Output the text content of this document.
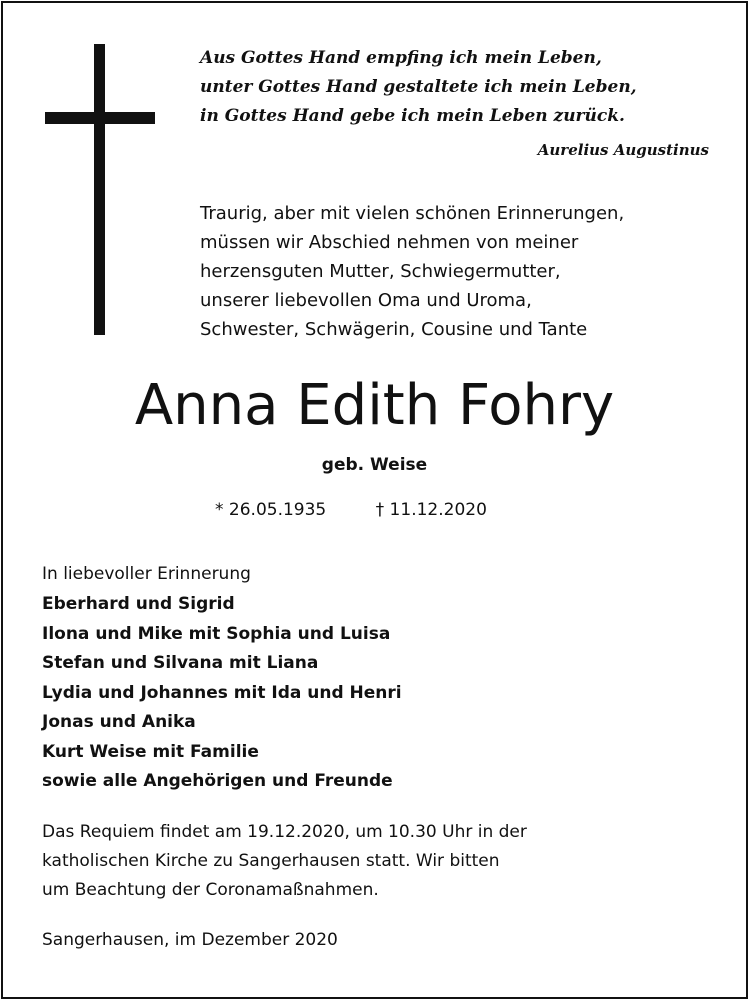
Aus Gottes Hand empfing ich mein Leben,
unter Gottes Hand gestaltete ich mein Leben,
in Gottes Hand gebe ich mein Leben zurück.
Aurelius Augustinus
Traurig, aber mit vielen schönen Erinnerungen,
müssen wir Abschied nehmen von meiner
herzensguten Mutter, Schwiegermutter,
unserer liebevollen Oma und Uroma,
Schwester, Schwägerin, Cousine und Tante
Anna Edith Fohry
geb. Weise
* 26.05.1935	† 11.12.2020
In liebevoller Erinnerung
Eberhard und Sigrid
Ilona und Mike mit Sophia und Luisa
Stefan und Silvana mit Liana
Lydia und Johannes mit Ida und Henri
Jonas und Anika
Kurt Weise mit Familie
sowie alle Angehörigen und Freunde
Das Requiem findet am 19.12.2020, um 10.30 Uhr in der
katholischen Kirche zu Sangerhausen statt. Wir bitten
um Beachtung der Coronamaßnahmen.
Sangerhausen, im Dezember 2020
